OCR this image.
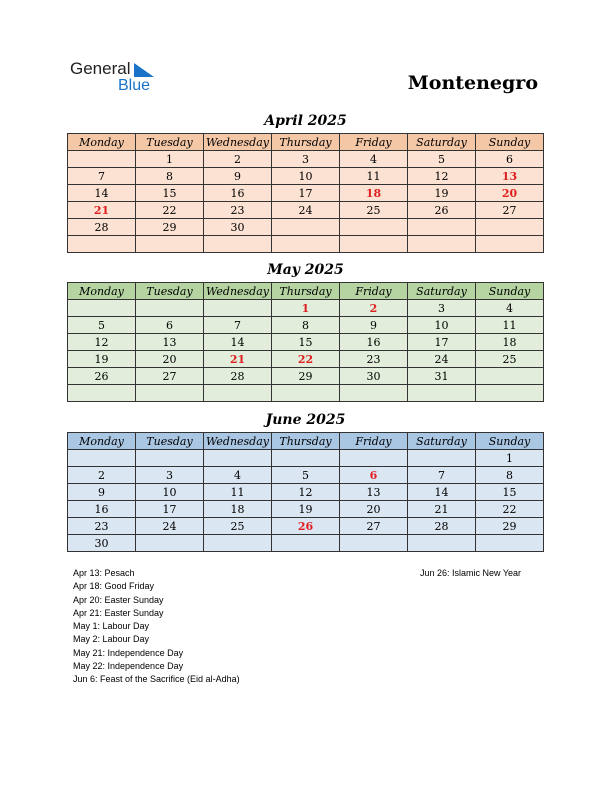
General
Blue	Montenegro
April 2025
Monday	Tuesday	Wednesday	Thursday	Friday	Saturday	Sunday
	1	2	3	4	5	6
7	8	9	10	11	12	13
14	15	16	17	18	19	20
21	22	23	24	25	26	27
28	29	30				

May 2025
Monday	Tuesday	Wednesday	Thursday	Friday	Saturday	Sunday
			1	2	3	4
5	6	7	8	9	10	11
12	13	14	15	16	17	18
19	20	21	22	23	24	25
26	27	28	29	30	31	

June 2025
Monday	Tuesday	Wednesday	Thursday	Friday	Saturday	Sunday
						1
2	3	4	5	6	7	8
9	10	11	12	13	14	15
16	17	18	19	20	21	22
23	24	25	26	27	28	29
30						
Apr 13: Pesach
Apr 18: Good Friday
Apr 20: Easter Sunday
Apr 21: Easter Sunday
May 1: Labour Day
May 2: Labour Day
May 21: Independence Day
May 22: Independence Day
Jun 6: Feast of the Sacrifice (Eid al-Adha)
Jun 26: Islamic New Year
